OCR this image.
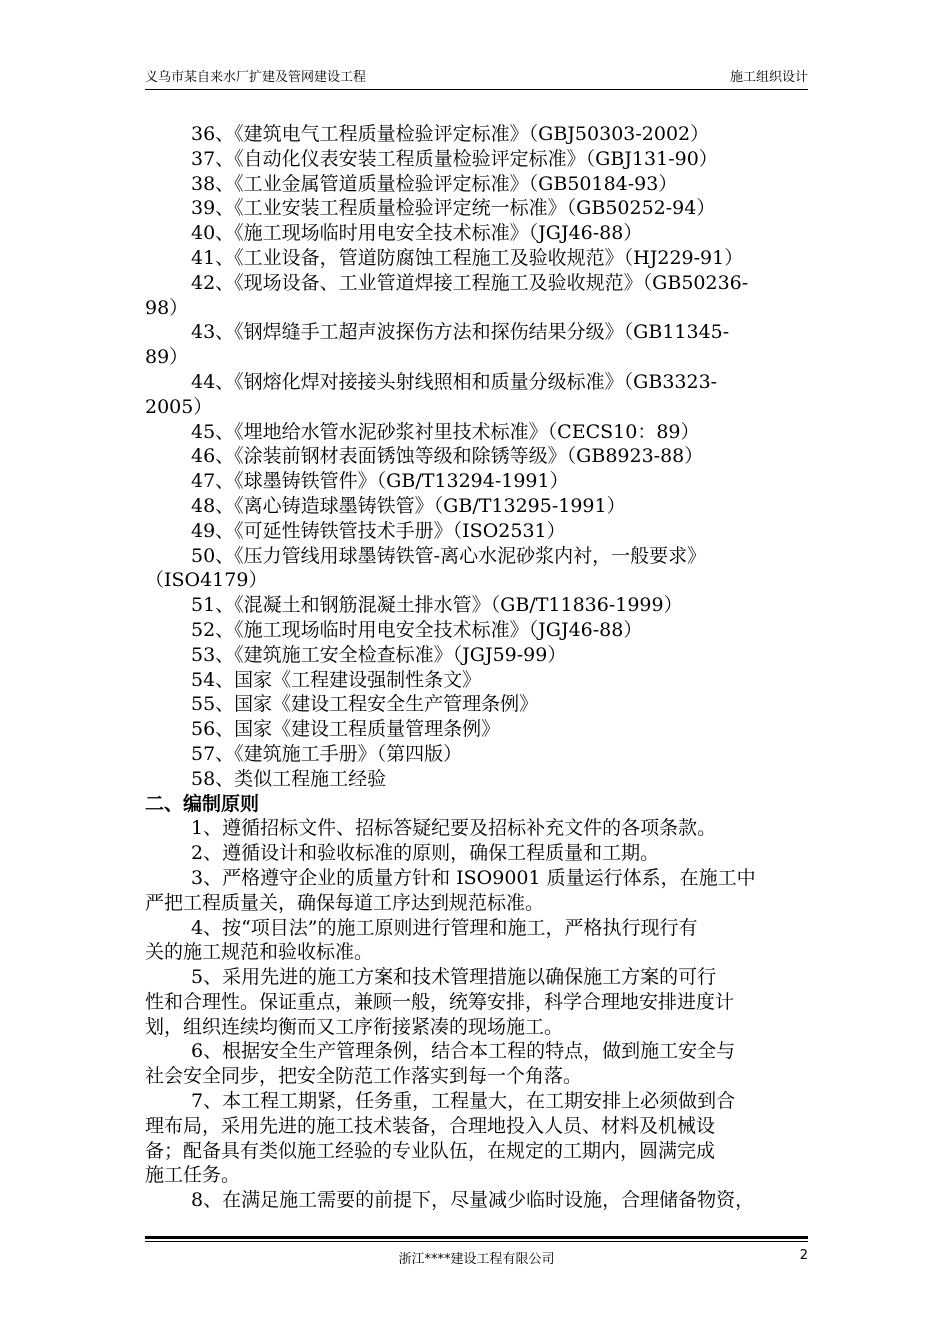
义乌市某自来水厂扩建及管网建设工程	施工组织设计
36、《建筑电气工程质量检验评定标准》（GBJ50303-2002）
37、《自动化仪表安装工程质量检验评定标准》（GBJ131-90）
38、《工业金属管道质量检验评定标准》（GB50184-93）
39、《工业安装工程质量检验评定统一标准》（GB50252-94）
40、《施工现场临时用电安全技术标准》（JGJ46-88）
41、《工业设备，管道防腐蚀工程施工及验收规范》（HJ229-91）
42、《现场设备、工业管道焊接工程施工及验收规范》（GB50236-
98）
43、《钢焊缝手工超声波探伤方法和探伤结果分级》（GB11345-
89）
44、《钢熔化焊对接接头射线照相和质量分级标准》（GB3323-
2005）
45、《埋地给水管水泥砂浆衬里技术标准》（CECS10：89）
46、《涂装前钢材表面锈蚀等级和除锈等级》（GB8923-88）
47、《球墨铸铁管件》（GB/T13294-1991）
48、《离心铸造球墨铸铁管》（GB/T13295-1991）
49、《可延性铸铁管技术手册》（ISO2531）
50、《压力管线用球墨铸铁管-离心水泥砂浆内衬，一般要求》
（ISO4179）
51、《混凝土和钢筋混凝土排水管》（GB/T11836-1999）
52、《施工现场临时用电安全技术标准》（JGJ46-88）
53、《建筑施工安全检查标准》（JGJ59-99）
54、国家《工程建设强制性条文》
55、国家《建设工程安全生产管理条例》
56、国家《建设工程质量管理条例》
57、《建筑施工手册》（第四版）
58、类似工程施工经验
二、编制原则
1、遵循招标文件、招标答疑纪要及招标补充文件的各项条款。
2、遵循设计和验收标准的原则，确保工程质量和工期。
3、严格遵守企业的质量方针和 ISO9001 质量运行体系，在施工中
严把工程质量关，确保每道工序达到规范标准。
4、按“项目法”的施工原则进行管理和施工，严格执行现行有
关的施工规范和验收标准。
5、采用先进的施工方案和技术管理措施以确保施工方案的可行
性和合理性。保证重点，兼顾一般，统筹安排，科学合理地安排进度计
划，组织连续均衡而又工序衔接紧凑的现场施工。
6、根据安全生产管理条例，结合本工程的特点，做到施工安全与
社会安全同步，把安全防范工作落实到每一个角落。
7、本工程工期紧，任务重，工程量大，在工期安排上必须做到合
理布局，采用先进的施工技术装备，合理地投入人员、材料及机械设
备；配备具有类似施工经验的专业队伍，在规定的工期内，圆满完成
施工任务。
8、在满足施工需要的前提下，尽量减少临时设施，合理储备物资，
浙江****建设工程有限公司	2
